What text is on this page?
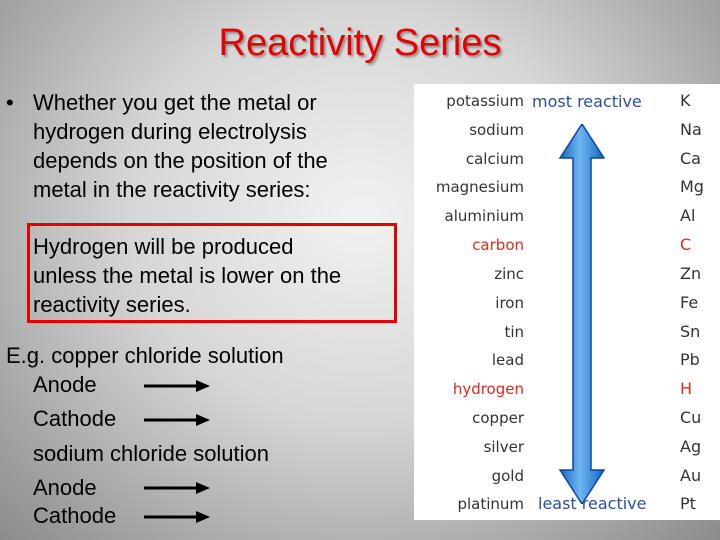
Reactivity Series
• Whether you get the metal or
hydrogen during electrolysis
depends on the position of the
metal in the reactivity series:
Hydrogen will be produced
unless the metal is lower on the
reactivity series.
E.g. copper chloride solution
Anode
Cathode
sodium chloride solution
Anode
Cathode
most reactive
least reactive
potassium	K
sodium	Na
calcium	Ca
magnesium	Mg
aluminium	Al
carbon	C
zinc	Zn
iron	Fe
tin	Sn
lead	Pb
hydrogen	H
copper	Cu
silver	Ag
gold	Au
platinum	Pt
